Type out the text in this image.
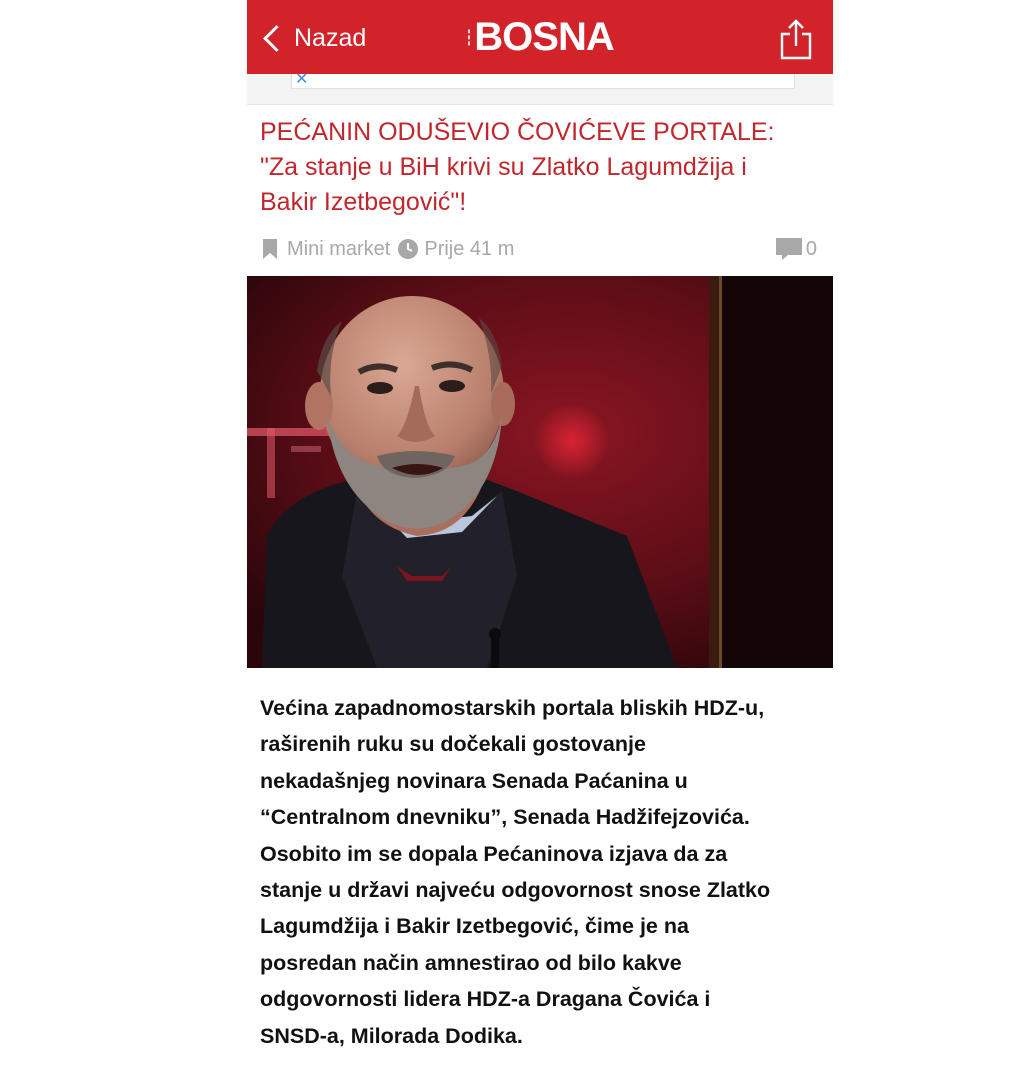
Nazad	▮▮▮ BOSNA
✕
PEĆANIN ODUŠEVIO ČOVIĆEVE PORTALE:
"Za stanje u BiH krivi su Zlatko Lagumdžija i
Bakir Izetbegović"!
Mini market Prije 41 m	0
Većina zapadnomostarskih portala bliskih HDZ-u,
raširenih ruku su dočekali gostovanje
nekadašnjeg novinara Senada Paćanina u
“Centralnom dnevniku”, Senada Hadžifejzovića.
Osobito im se dopala Pećaninova izjava da za
stanje u državi najveću odgovornost snose Zlatko
Lagumdžija i Bakir Izetbegović, čime je na
posredan način amnestirao od bilo kakve
odgovornosti lidera HDZ-a Dragana Čovića i
SNSD-a, Milorada Dodika.
